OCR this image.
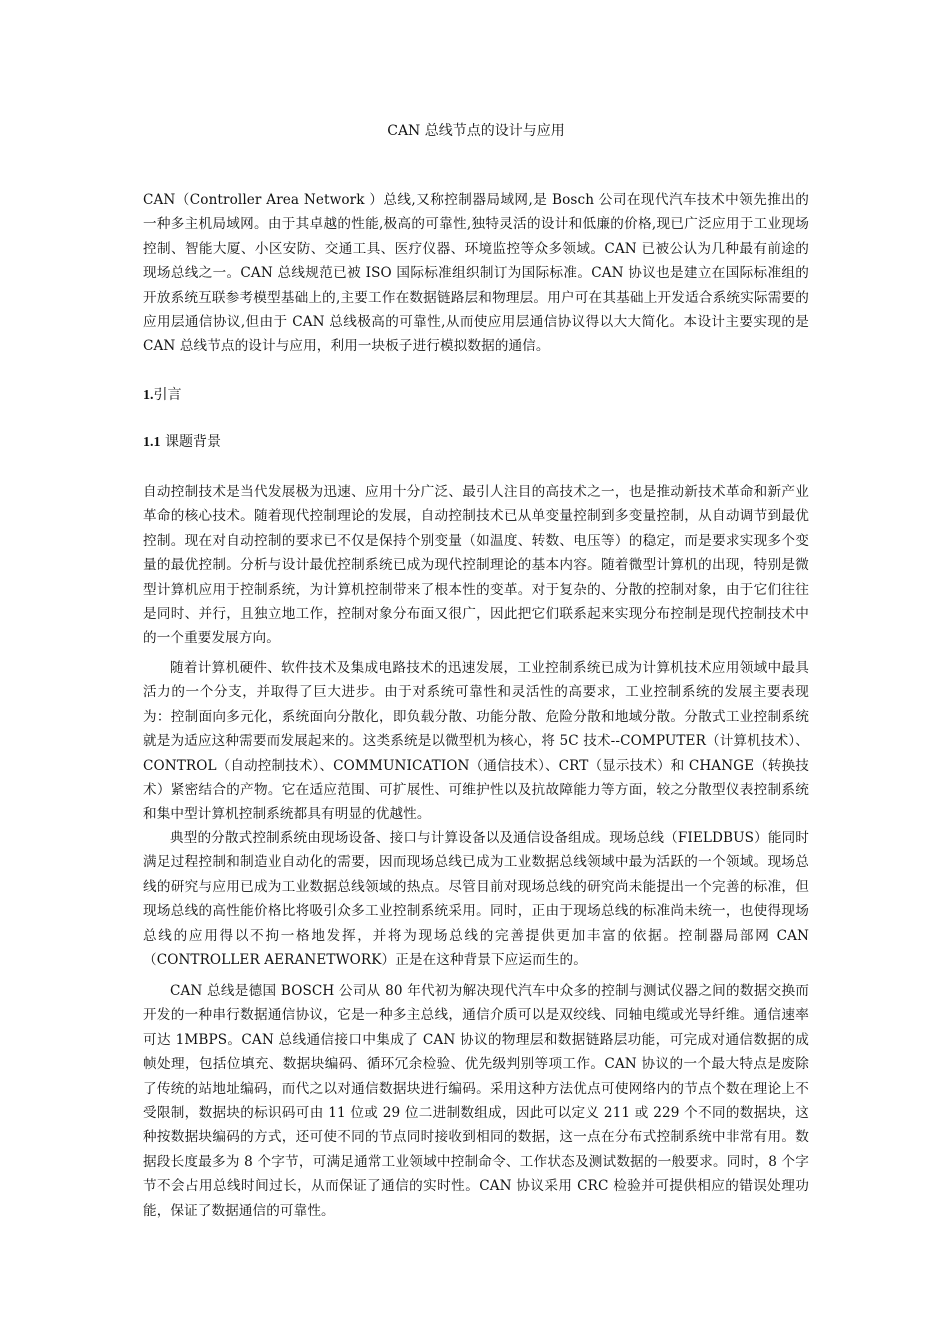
CAN 总线节点的设计与应用

CAN（Controller Area Network ）总线,又称控制器局域网,是 Bosch 公司在现代汽车技术中领先推出的一种多主机局域网。由于其卓越的性能,极高的可靠性,独特灵活的设计和低廉的价格,现已广泛应用于工业现场控制、智能大厦、小区安防、交通工具、医疗仪器、环境监控等众多领域。CAN 已被公认为几种最有前途的现场总线之一。CAN 总线规范已被 ISO 国际标准组织制订为国际标准。CAN 协议也是建立在国际标准组的开放系统互联参考模型基础上的,主要工作在数据链路层和物理层。用户可在其基础上开发适合系统实际需要的应用层通信协议,但由于 CAN 总线极高的可靠性,从而使应用层通信协议得以大大简化。本设计主要实现的是 CAN 总线节点的设计与应用，利用一块板子进行模拟数据的通信。

1.引言
1.1 课题背景

自动控制技术是当代发展极为迅速、应用十分广泛、最引人注目的高技术之一，也是推动新技术革命和新产业革命的核心技术。随着现代控制理论的发展，自动控制技术已从单变量控制到多变量控制，从自动调节到最优控制。现在对自动控制的要求已不仅是保持个别变量（如温度、转数、电压等）的稳定，而是要求实现多个变量的最优控制。分析与设计最优控制系统已成为现代控制理论的基本内容。随着微型计算机的出现，特别是微型计算机应用于控制系统，为计算机控制带来了根本性的变革。对于复杂的、分散的控制对象，由于它们往往是同时、并行，且独立地工作，控制对象分布面又很广，因此把它们联系起来实现分布控制是现代控制技术中的一个重要发展方向。

随着计算机硬件、软件技术及集成电路技术的迅速发展，工业控制系统已成为计算机技术应用领域中最具活力的一个分支，并取得了巨大进步。由于对系统可靠性和灵活性的高要求，工业控制系统的发展主要表现为：控制面向多元化，系统面向分散化，即负载分散、功能分散、危险分散和地域分散。分散式工业控制系统就是为适应这种需要而发展起来的。这类系统是以微型机为核心，将 5C 技术--COMPUTER（计算机技术）、CONTROL（自动控制技术）、COMMUNICATION（通信技术）、CRT（显示技术）和 CHANGE（转换技术）紧密结合的产物。它在适应范围、可扩展性、可维护性以及抗故障能力等方面，较之分散型仪表控制系统和集中型计算机控制系统都具有明显的优越性。

典型的分散式控制系统由现场设备、接口与计算设备以及通信设备组成。现场总线（FIELDBUS）能同时满足过程控制和制造业自动化的需要，因而现场总线已成为工业数据总线领域中最为活跃的一个领域。现场总线的研究与应用已成为工业数据总线领域的热点。尽管目前对现场总线的研究尚未能提出一个完善的标准，但现场总线的高性能价格比将吸引众多工业控制系统采用。同时，正由于现场总线的标准尚未统一，也使得现场总线的应用得以不拘一格地发挥，并将为现场总线的完善提供更加丰富的依据。控制器局部网 CAN（CONTROLLER AERANETWORK）正是在这种背景下应运而生的。

CAN 总线是德国 BOSCH 公司从 80 年代初为解决现代汽车中众多的控制与测试仪器之间的数据交换而开发的一种串行数据通信协议，它是一种多主总线，通信介质可以是双绞线、同轴电缆或光导纤维。通信速率可达 1MBPS。CAN 总线通信接口中集成了 CAN 协议的物理层和数据链路层功能，可完成对通信数据的成帧处理，包括位填充、数据块编码、循环冗余检验、优先级判别等项工作。CAN 协议的一个最大特点是废除了传统的站地址编码，而代之以对通信数据块进行编码。采用这种方法优点可使网络内的节点个数在理论上不受限制，数据块的标识码可由 11 位或 29 位二进制数组成，因此可以定义 211 或 229 个不同的数据块，这种按数据块编码的方式，还可使不同的节点同时接收到相同的数据，这一点在分布式控制系统中非常有用。数据段长度最多为 8 个字节，可满足通常工业领域中控制命令、工作状态及测试数据的一般要求。同时，8 个字节不会占用总线时间过长，从而保证了通信的实时性。CAN 协议采用 CRC 检验并可提供相应的错误处理功能，保证了数据通信的可靠性。
